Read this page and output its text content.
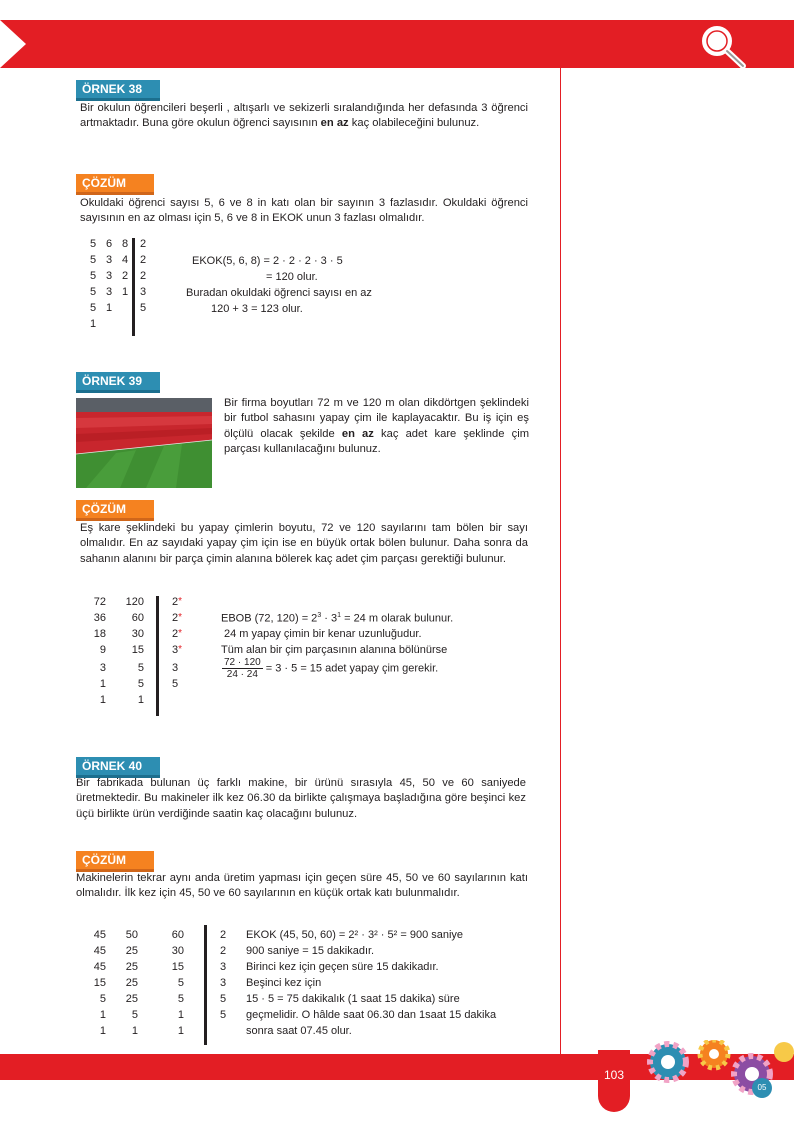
ÖRNEK 38
Bir okulun öğrencileri beşerli , altışarlı ve sekizerli sıralandığında her defasında 3 öğrenci artmaktadır. Buna göre okulun öğrenci sayısının en az kaç olabileceğini bulunuz.
ÇÖZÜM
Okuldaki öğrenci sayısı 5, 6 ve 8 in katı olan bir sayının 3 fazlasıdır. Okuldaki öğrenci sayısının en az olması için 5, 6 ve 8 in EKOK unun 3 fazlası olmalıdır.
5 6 8 2
5 3 4 2
5 3 2 2
5 3 1 3
5 1	5
1
EKOK(5, 6, 8) = 2 · 2 · 2 · 3 · 5
= 120 olur.
Buradan okuldaki öğrenci sayısı en az
120 + 3 = 123 olur.
ÖRNEK 39
Bir firma boyutları 72 m ve 120 m olan dikdörtgen şeklindeki bir futbol sahasını yapay çim ile kaplayacaktır. Bu iş için eş ölçülü olacak şekilde en az kaç adet kare şeklinde çim parçası kullanılacağını bulunuz.
ÇÖZÜM
Eş kare şeklindeki bu yapay çimlerin boyutu, 72 ve 120 sayılarını tam bölen bir sayı olmalıdır. En az sayıdaki yapay çim için ise en büyük ortak bölen bulunur. Daha sonra da sahanın alanını bir parça çimin alanına bölerek kaç adet çim parçası gerektiği bulunur.
72	120	2*
36	60	2*
18	30	2*
9	15	3*
3	5	3
1	5	5
1	1
EBOB (72, $120) = 2^3 \cdot 3^1 = 24$ m olarak bulunur.
24 m yapay çimin bir kenar uzunluğudur.
Tüm alan bir çim parçasının alanına bölünürse
$\frac{72 \cdot 120}{24 \cdot 24} = 3 \cdot 5 = 15$ adet yapay çim gerekir.
ÖRNEK 40
Bir fabrikada bulunan üç farklı makine, bir ürünü sırasıyla 45, 50 ve 60 saniyede üretmektedir. Bu makineler ilk kez 06.30 da birlikte çalışmaya başladığına göre beşinci kez üçü birlikte ürün verdiğinde saatin kaç olacağını bulunuz.
ÇÖZÜM
Makinelerin tekrar aynı anda üretim yapması için geçen süre 45, 50 ve 60 sayılarının katı olmalıdır. İlk kez için 45, 50 ve 60 sayılarının en küçük ortak katı bulunmalıdır.
45	50	60	2
45	25	30	2
45	25	15	3
15	25	5	3
5	25	5	5
1	5	1	5
1	1	1
EKOK (45, 50, 60) = 2² · 3² · 5² = 900 saniye
900 saniye = 15 dakikadır.
Birinci kez için geçen süre 15 dakikadır.
Beşinci kez için
15 · 5 = 75 dakikalık (1 saat 15 dakika) süre
geçmelidir. O hâlde saat 06.30 dan 1saat 15 dakika
sonra saat 07.45 olur.
05
103
